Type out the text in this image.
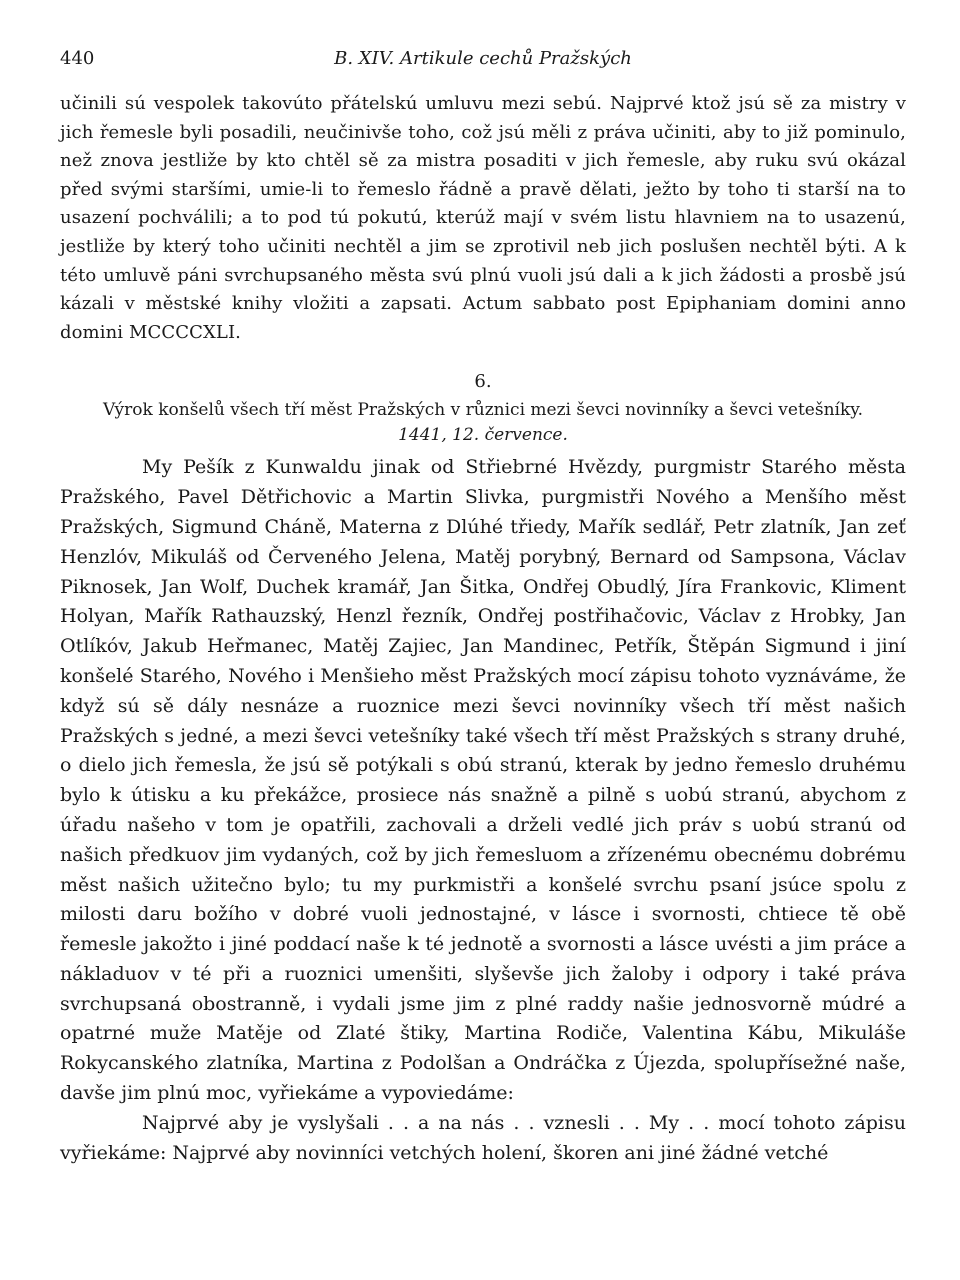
440	B. XIV. Artikule cechů Pražských

učinili sú vespolek takovúto přátelskú umluvu mezi sebú. Najprvé ktož jsú sě za mistry v jich řemesle byli posadili, neučinivše toho, což jsú měli z práva učiniti, aby to již pominulo, než znova jestliže by kto chtěl sě za mistra posaditi v jich řemesle, aby ruku svú okázal před svými staršími, umie-li to řemeslo řádně a pravě dělati, ježto by toho ti starší na to usazení pochválili; a to pod tú pokutú, kterúž mají v svém listu hlavniem na to usazenú, jestliže by který toho učiniti nechtěl a jim se zprotivil neb jich poslušen nechtěl býti. A k této umluvě páni svrchupsaného města svú plnú vuoli jsú dali a k jich žádosti a prosbě jsú kázali v městské knihy vložiti a zapsati. Actum sabbato post Epiphaniam domini anno domini MCCCCXLI.

6.
Výrok konšelů všech tří měst Pražských v různici mezi ševci novinníky a ševci vetešníky.
1441, 12. července.

My Pešík z Kunwaldu jinak od Střiebrné Hvězdy, purgmistr Starého města Pražského, Pavel Dětřichovic a Martin Slivka, purgmistři Nového a Menšího měst Pražských, Sigmund Cháně, Materna z Dlúhé třiedy, Mařík sedlář, Petr zlatník, Jan zeť Henzlóv, Mikuláš od Červeného Jelena, Matěj porybný, Bernard od Sampsona, Václav Piknosek, Jan Wolf, Duchek kramář, Jan Šitka, Ondřej Obudlý, Jíra Frankovic, Kliment Holyan, Mařík Rathauzský, Henzl řezník, Ondřej postřihačovic, Václav z Hrobky, Jan Otlíkóv, Jakub Heřmanec, Matěj Zajiec, Jan Mandinec, Petřík, Štěpán Sigmund i jiní konšelé Starého, Nového i Menšieho měst Pražských mocí zápisu tohoto vyznáváme, že když sú sě dály nesnáze a ruoznice mezi ševci novinníky všech tří měst našich Pražských s jedné, a mezi ševci vetešníky také všech tří měst Pražských s strany druhé, o dielo jich řemesla, že jsú sě potýkali s obú stranú, kterak by jedno řemeslo druhému bylo k útisku a ku překážce, prosiece nás snažně a pilně s uobú stranú, abychom z úřadu našeho v tom je opatřili, zachovali a drželi vedlé jich práv s uobú stranú od našich předkuov jim vydaných, což by jich řemesluom a zřízenému obecnému dobrému měst našich užitečno bylo; tu my purkmistři a konšelé svrchu psaní jsúce spolu z milosti daru božího v dobré vuoli jednostajné, v lásce i svornosti, chtiece tě obě řemesle jakožto i jiné poddací naše k té jednotě a svornosti a lásce uvésti a jim práce a nákladuov v té při a ruoznici umenšiti, slyševše jich žaloby i odpory i také práva svrchupsaná obostranně, i vydali jsme jim z plné raddy našie jednosvorně múdré a opatrné muže Matěje od Zlaté štiky, Martina Rodiče, Valentina Kábu, Mikuláše Rokycanského zlatníka, Martina z Podolšan a Ondráčka z Újezda, spolupřísežné naše, davše jim plnú moc, vyřiekáme a vypoviedáme:

Najprvé aby je vyslyšali . . a na nás . . vznesli . . My . . mocí tohoto zápisu vyřiekáme: Najprvé aby novinníci vetchých holení, škoren ani jiné žádné vetché
